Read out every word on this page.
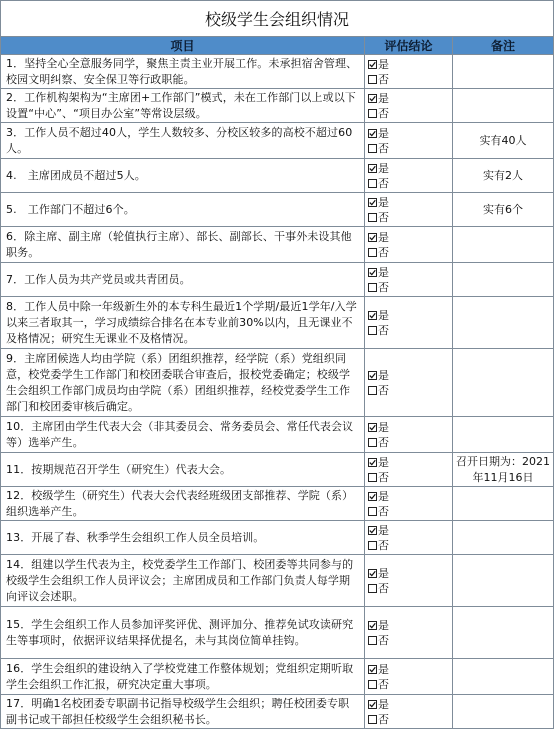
校级学生会组织情况		
项目	评估结论	备注
1．坚持全心全意服务同学，聚焦主责主业开展工作。未承担宿舍管理、校园文明纠察、安全保卫等行政职能。	是
否	

2．工作机构架构为“主席团+工作部门”模式，未在工作部门以上或以下设置“中心”、“项目办公室”等常设层级。	是
否	

3．工作人员不超过40人，学生人数较多、分校区较多的高校不超过60人。	是
否	实有40人
4.　主席团成员不超过5人。	是
否	实有2人
5.　工作部门不超过6个。	是
否	实有6个
6．除主席、副主席（轮值执行主席）、部长、副部长、干事外未设其他职务。	是
否	

7．工作人员为共产党员或共青团员。	是
否	

8．工作人员中除一年级新生外的本专科生最近1个学期/最近1学年/入学以来三者取其一，学习成绩综合排名在本专业前30%以内，且无课业不及格情况；研究生无课业不及格情况。	是
否	

9．主席团候选人均由学院（系）团组织推荐，经学院（系）党组织同意，校党委学生工作部门和校团委联合审查后，报校党委确定；校级学生会组织工作部门成员均由学院（系）团组织推荐，经校党委学生工作部门和校团委审核后确定。	是
否	

10．主席团由学生代表大会（非其委员会、常务委员会、常任代表会议等）选举产生。	是
否	

11．按期规范召开学生（研究生）代表大会。	是
否	召开日期为：2021年11月16日
12．校级学生（研究生）代表大会代表经班级团支部推荐、学院（系）组织选举产生。	是
否	

13．开展了春、秋季学生会组织工作人员全员培训。	是
否	

14．组建以学生代表为主，校党委学生工作部门、校团委等共同参与的校级学生会组织工作人员评议会；主席团成员和工作部门负责人每学期向评议会述职。	是
否	

15．学生会组织工作人员参加评奖评优、测评加分、推荐免试攻读研究生等事项时，依据评议结果择优提名，未与其岗位简单挂钩。	是
否	

16．学生会组织的建设纳入了学校党建工作整体规划；党组织定期听取学生会组织工作汇报，研究决定重大事项。	是
否	

17．明确1名校团委专职副书记指导校级学生会组织；聘任校团委专职副书记或干部担任校级学生会组织秘书长。	是
否	
